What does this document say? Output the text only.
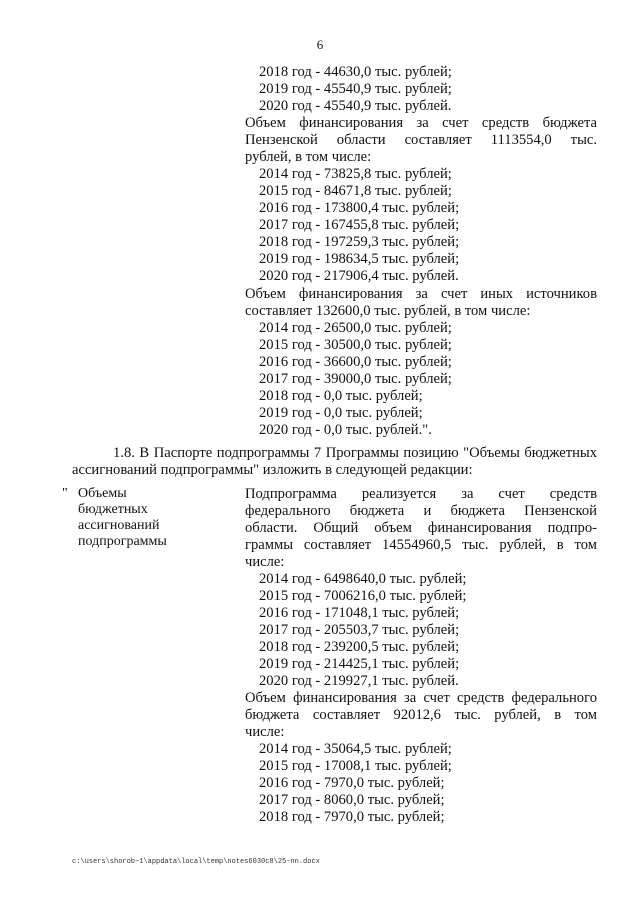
6
2018 год - 44630,0 тыс. рублей;
2019 год - 45540,9 тыс. рублей;
2020 год - 45540,9 тыс. рублей.
Объем финансирования за счет средств бюджета
Пензенской области составляет 1113554,0 тыс.
рублей, в том числе:
2014 год - 73825,8 тыс. рублей;
2015 год - 84671,8 тыс. рублей;
2016 год - 173800,4 тыс. рублей;
2017 год - 167455,8 тыс. рублей;
2018 год - 197259,3 тыс. рублей;
2019 год - 198634,5 тыс. рублей;
2020 год - 217906,4 тыс. рублей.
Объем финансирования за счет иных источников
составляет 132600,0 тыс. рублей, в том числе:
2014 год - 26500,0 тыс. рублей;
2015 год - 30500,0 тыс. рублей;
2016 год - 36600,0 тыс. рублей;
2017 год - 39000,0 тыс. рублей;
2018 год - 0,0 тыс. рублей;
2019 год - 0,0 тыс. рублей;
2020 год - 0,0 тыс. рублей.".
1.8. В Паспорте подпрограммы 7 Программы позицию "Объемы бюджетных
ассигнований подпрограммы" изложить в следующей редакции:
" Объемы
бюджетных
ассигнований
подпрограммы
Подпрограмма реализуется за счет средств
федерального бюджета и бюджета Пензенской
области. Общий объем финансирования подпро-
граммы составляет 14554960,5 тыс. рублей, в том
числе:
2014 год - 6498640,0 тыс. рублей;
2015 год - 7006216,0 тыс. рублей;
2016 год - 171048,1 тыс. рублей;
2017 год - 205503,7 тыс. рублей;
2018 год - 239200,5 тыс. рублей;
2019 год - 214425,1 тыс. рублей;
2020 год - 219927,1 тыс. рублей.
Объем финансирования за счет средств федерального
бюджета составляет 92012,6 тыс. рублей, в том
числе:
2014 год - 35064,5 тыс. рублей;
2015 год - 17008,1 тыс. рублей;
2016 год - 7970,0 тыс. рублей;
2017 год - 8060,0 тыс. рублей;
2018 год - 7970,0 тыс. рублей;
c:\users\shorob~1\appdata\local\temp\notes6030c8\25-nn.docx
